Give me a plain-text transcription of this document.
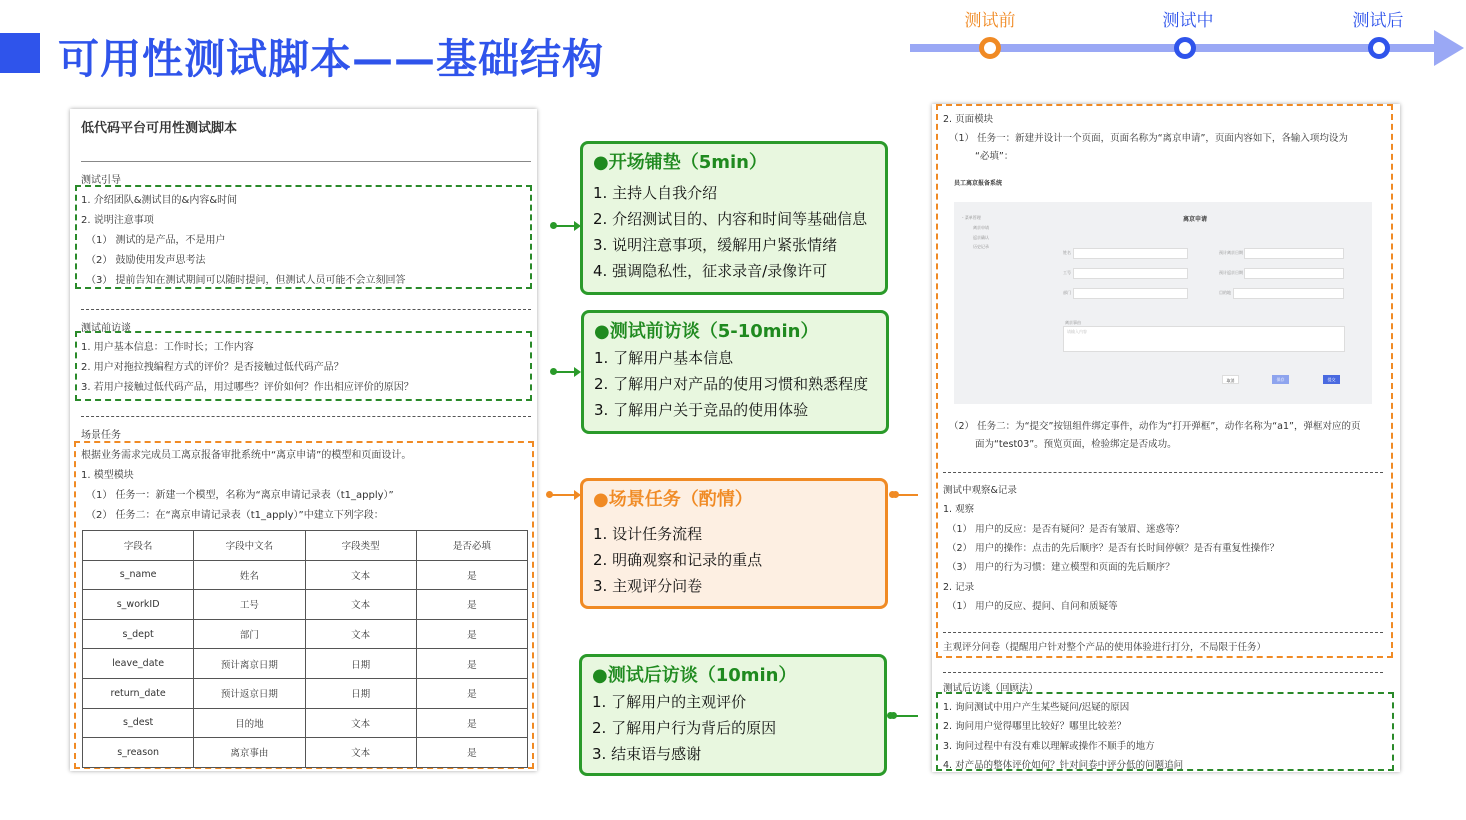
可用性测试脚本——基础结构
测试前	测试中	测试后
低代码平台可用性测试脚本
测试引导
1. 介绍团队&测试目的&内容&时间
2. 说明注意事项
（1） 测试的是产品，不是用户
（2） 鼓励使用发声思考法
（3） 提前告知在测试期间可以随时提问，但测试人员可能不会立刻回答
测试前访谈
1. 用户基本信息：工作时长；工作内容
2. 用户对拖拉拽编程方式的评价？是否接触过低代码产品？
3. 若用户接触过低代码产品，用过哪些？评价如何？作出相应评价的原因？
场景任务
根据业务需求完成员工离京报备审批系统中“离京申请”的模型和页面设计。
1. 模型模块
（1） 任务一：新建一个模型，名称为“离京申请记录表（t1_apply）”
（2） 任务二：在“离京申请记录表（t1_apply）”中建立下列字段：
字段名	字段中文名	字段类型	是否必填
s_name	姓名	文本	是
s_workID	工号	文本	是
s_dept	部门	文本	是
leave_date	预计离京日期	日期	是
return_date	预计返京日期	日期	是
s_dest	目的地	文本	是
s_reason	离京事由	文本	是
●开场铺垫（5min）

1. 主持人自我介绍

2. 介绍测试目的、内容和时间等基础信息

3. 说明注意事项，缓解用户紧张情绪

4. 强调隐私性，征求录音/录像许可

●测试前访谈（5-10min）

1. 了解用户基本信息

2. 了解用户对产品的使用习惯和熟悉程度

3. 了解用户关于竞品的使用体验

●场景任务（酌情）

1. 设计任务流程

2. 明确观察和记录的重点

3. 主观评分问卷

●测试后访谈（10min）

1. 了解用户的主观评价

2. 了解用户行为背后的原因

3. 结束语与感谢

2. 页面模块
（1） 任务一：新建并设计一个页面，页面名称为“离京申请”，页面内容如下，各输入项均设为
“必填”：
员工离京报备系统
- 菜单管理
离京申请
返京确认
历史记录
离京申请
姓名
工号
部门
预计离京日期
预计返京日期
目的地
离京事由
请输入内容
取消	保存	提交
（2） 任务二：为“提交”按钮组件绑定事件，动作为“打开弹框”，动作名称为“a1”，弹框对应的页
面为“test03”。预览页面，检验绑定是否成功。
测试中观察&记录
1. 观察
（1） 用户的反应：是否有疑问？是否有皱眉、迷惑等？
（2） 用户的操作：点击的先后顺序？是否有长时间停顿？是否有重复性操作？
（3） 用户的行为习惯：建立模型和页面的先后顺序？
2. 记录
（1） 用户的反应、提问、自问和质疑等
主观评分问卷（提醒用户针对整个产品的使用体验进行打分，不局限于任务）
测试后访谈（回顾法）
1. 询问测试中用户产生某些疑问/迟疑的原因
2. 询问用户觉得哪里比较好？哪里比较差？
3. 询问过程中有没有难以理解或操作不顺手的地方
4. 对产品的整体评价如何？针对问卷中评分低的问题追问
